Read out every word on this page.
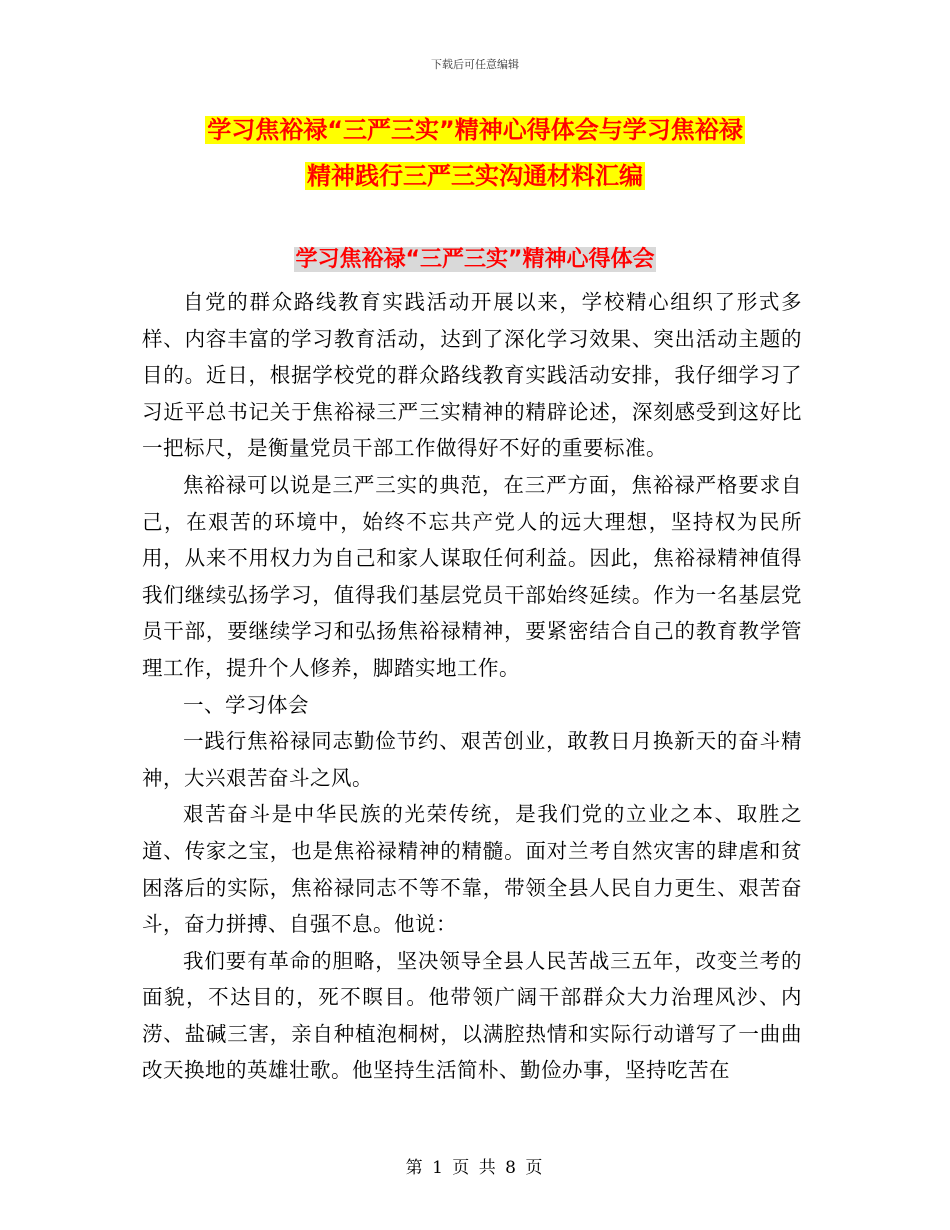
下载后可任意编辑
学习焦裕禄“三严三实”精神心得体会与学习焦裕禄
精神践行三严三实沟通材料汇编
学习焦裕禄“三严三实”精神心得体会

自党的群众路线教育实践活动开展以来，学校精心组织了形式多样、内容丰富的学习教育活动，达到了深化学习效果、突出活动主题的目的。近日，根据学校党的群众路线教育实践活动安排，我仔细学习了习近平总书记关于焦裕禄三严三实精神的精辟论述，深刻感受到这好比一把标尺，是衡量党员干部工作做得好不好的重要标准。

焦裕禄可以说是三严三实的典范，在三严方面，焦裕禄严格要求自己，在艰苦的环境中，始终不忘共产党人的远大理想，坚持权为民所用，从来不用权力为自己和家人谋取任何利益。因此，焦裕禄精神值得我们继续弘扬学习，值得我们基层党员干部始终延续。作为一名基层党员干部，要继续学习和弘扬焦裕禄精神，要紧密结合自己的教育教学管理工作，提升个人修养，脚踏实地工作。

一、学习体会

一践行焦裕禄同志勤俭节约、艰苦创业，敢教日月换新天的奋斗精神，大兴艰苦奋斗之风。

艰苦奋斗是中华民族的光荣传统，是我们党的立业之本、取胜之道、传家之宝，也是焦裕禄精神的精髓。面对兰考自然灾害的肆虐和贫困落后的实际，焦裕禄同志不等不靠，带领全县人民自力更生、艰苦奋斗，奋力拼搏、自强不息。他说：

我们要有革命的胆略，坚决领导全县人民苦战三五年，改变兰考的面貌，不达目的，死不瞑目。他带领广阔干部群众大力治理风沙、内涝、盐碱三害，亲自种植泡桐树，以满腔热情和实际行动谱写了一曲曲改天换地的英雄壮歌。他坚持生活简朴、勤俭办事，坚持吃苦在

第 1 页 共 8 页
